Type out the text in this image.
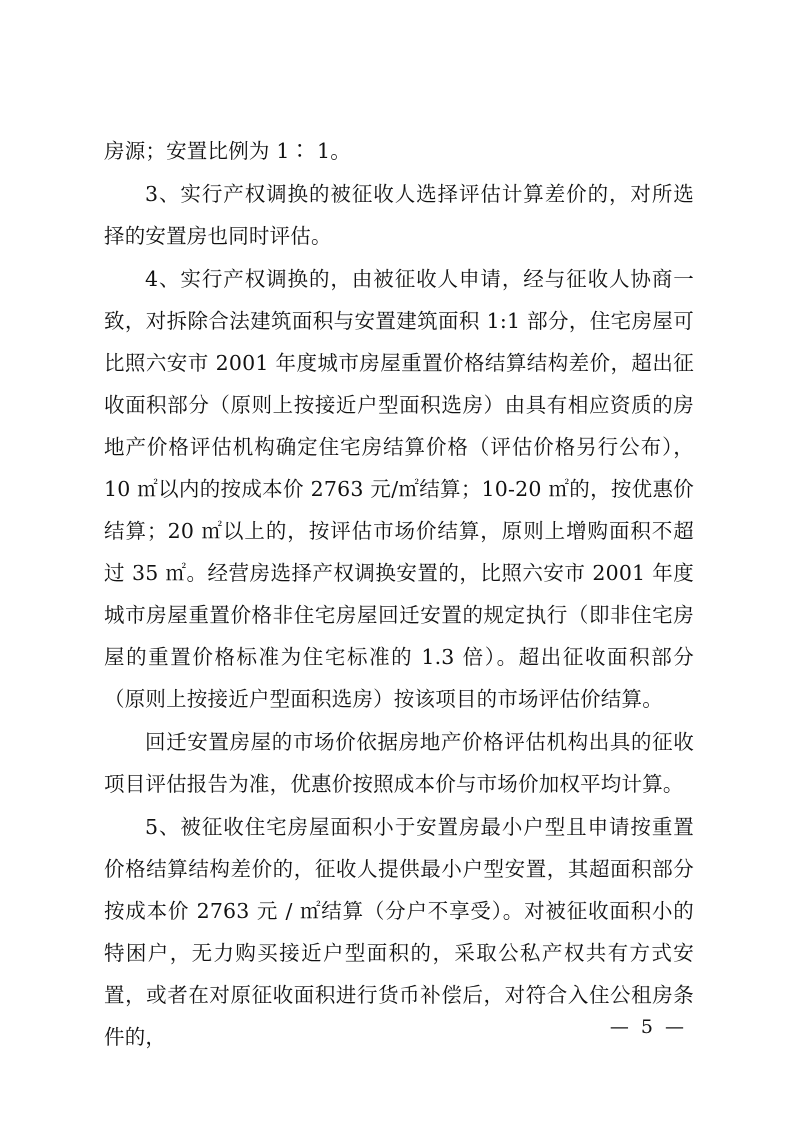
房源；安置比例为 1∶ 1。

3、实行产权调换的被征收人选择评估计算差价的，对所选择的安置房也同时评估。

4、实行产权调换的，由被征收人申请，经与征收人协商一致，对拆除合法建筑面积与安置建筑面积 1:1 部分，住宅房屋可比照六安市 2001 年度城市房屋重置价格结算结构差价，超出征收面积部分（原则上按接近户型面积选房）由具有相应资质的房地产价格评估机构确定住宅房结算价格（评估价格另行公布），10 ㎡以内的按成本价 2763 元/㎡结算；10-20 ㎡的，按优惠价结算；20 ㎡以上的，按评估市场价结算，原则上增购面积不超过 35 ㎡。经营房选择产权调换安置的，比照六安市 2001 年度城市房屋重置价格非住宅房屋回迁安置的规定执行（即非住宅房屋的重置价格标准为住宅标准的 1.3 倍）。超出征收面积部分（原则上按接近户型面积选房）按该项目的市场评估价结算。

回迁安置房屋的市场价依据房地产价格评估机构出具的征收项目评估报告为准，优惠价按照成本价与市场价加权平均计算。

5、被征收住宅房屋面积小于安置房最小户型且申请按重置价格结算结构差价的，征收人提供最小户型安置，其超面积部分按成本价 2763 元 / ㎡结算（分户不享受）。对被征收面积小的特困户，无力购买接近户型面积的，采取公私产权共有方式安置，或者在对原征收面积进行货币补偿后，对符合入住公租房条件的，	— 5 —
